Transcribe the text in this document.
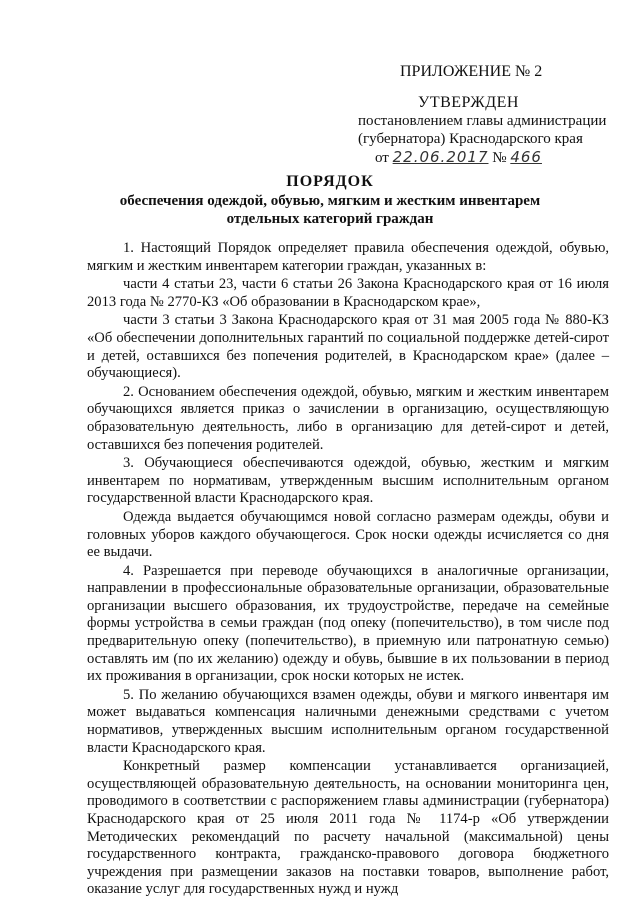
ПРИЛОЖЕНИЕ № 2
УТВЕРЖДЕН
постановлением главы администрации
(губернатора) Краснодарского края
от 22.06.2017 № 466
ПОРЯДОК
обеспечения одеждой, обувью, мягким и жестким инвентарем
отдельных категорий граждан

1. Настоящий Порядок определяет правила обеспечения одеждой, обувью, мягким и жестким инвентарем категории граждан, указанных в:

части 4 статьи 23, части 6 статьи 26 Закона Краснодарского края от 16 июля 2013 года № 2770-КЗ «Об образовании в Краснодарском крае»,

части 3 статьи 3 Закона Краснодарского края от 31 мая 2005 года № 880-КЗ «Об обеспечении дополнительных гарантий по социальной поддержке детей-сирот и детей, оставшихся без попечения родителей, в Краснодарском крае» (далее – обучающиеся).

2. Основанием обеспечения одеждой, обувью, мягким и жестким инвентарем обучающихся является приказ о зачислении в организацию, осуществляющую образовательную деятельность, либо в организацию для детей-сирот и детей, оставшихся без попечения родителей.

3. Обучающиеся обеспечиваются одеждой, обувью, жестким и мягким инвентарем по нормативам, утвержденным высшим исполнительным органом государственной власти Краснодарского края.

Одежда выдается обучающимся новой согласно размерам одежды, обуви и головных уборов каждого обучающегося. Срок носки одежды исчисляется со дня ее выдачи.

4. Разрешается при переводе обучающихся в аналогичные организации, направлении в профессиональные образовательные организации, образовательные организации высшего образования, их трудоустройстве, передаче на семейные формы устройства в семьи граждан (под опеку (попечительство), в том числе под предварительную опеку (попечительство), в приемную или патронатную семью) оставлять им (по их желанию) одежду и обувь, бывшие в их пользовании в период их проживания в организации, срок носки которых не истек.

5. По желанию обучающихся взамен одежды, обуви и мягкого инвентаря им может выдаваться компенсация наличными денежными средствами с учетом нормативов, утвержденных высшим исполнительным органом государственной власти Краснодарского края.

Конкретный размер компенсации устанавливается организацией, осуществляющей образовательную деятельность, на основании мониторинга цен, проводимого в соответствии с распоряжением главы администрации (губернатора) Краснодарского края от 25 июля 2011 года № 1174-р «Об утверждении Методических рекомендаций по расчету начальной (максимальной) цены государственного контракта, гражданско-правового договора бюджетного учреждения при размещении заказов на поставки товаров, выполнение работ, оказание услуг для государственных нужд и нужд
